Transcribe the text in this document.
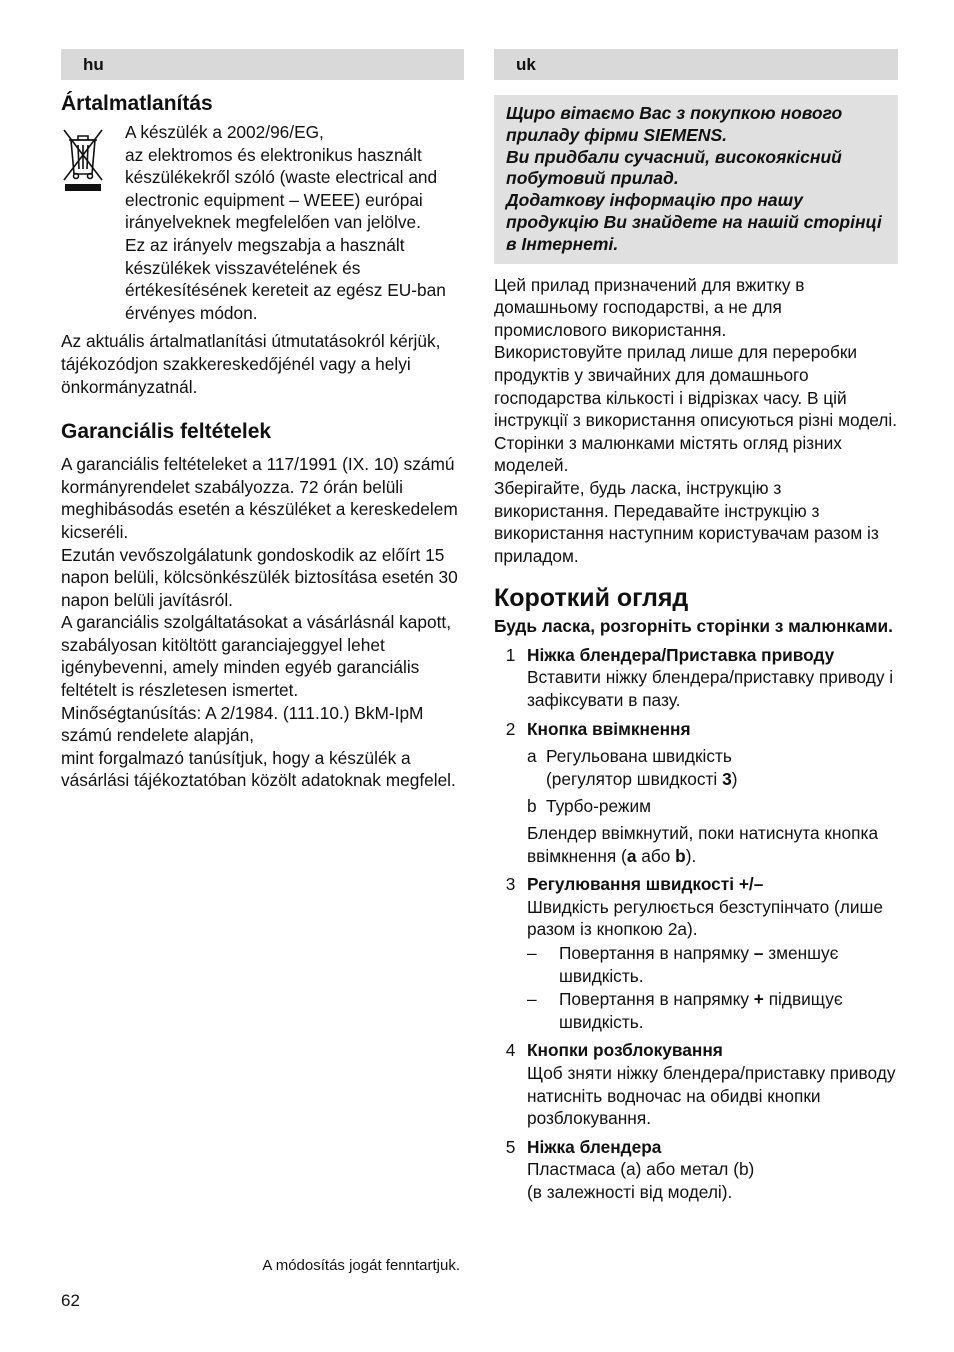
hu
Ártalmatlanítás

A készülék a 2002/96/EG,
az elektromos és elektronikus használt készülékekről szóló (waste electrical and electronic equipment – WEEE) európai irányelveknek megfelelően van jelölve.
Ez az irányelv megszabja a használt készülékek visszavételének és értékesítésének kereteit az egész EU-ban érvényes módon.

Az aktuális ártalmatlanítási útmutatásokról kérjük, tájékozódjon szakkereskedőjénél vagy a helyi önkormányzatnál.

Garanciális feltételek

A garanciális feltételeket a 117/1991 (IX. 10) számú kormányrendelet szabályozza. 72 órán belüli meghibásodás esetén a készüléket a kereskedelem kicseréli.
Ezután vevőszolgálatunk gondoskodik az előírt 15 napon belüli, kölcsönkészülék biztosítása esetén 30 napon belüli javításról.
A garanciális szolgáltatásokat a vásárlásnál kapott, szabályosan kitöltött garanciajeggyel lehet igénybevenni, amely minden egyéb garanciális feltételt is részletesen ismertet.
Minőségtanúsítás: A 2/1984. (111.10.) BkM-IpM számú rendelete alapján,
mint forgalmazó tanúsítjuk, hogy a készülék a vásárlási tájékoztatóban közölt adatoknak megfelel.

A módosítás jogát fenntartjuk.
62
uk
Щиро вітаємо Вас з покупкою нового приладу фірми SIEMENS.
Ви придбали сучасний, високоякісний побутовий прилад.
Додаткову інформацію про нашу продукцію Ви знайдете на нашій сторінці в Інтернеті.

Цей прилад призначений для вжитку в домашньому господарстві, а не для промислового використання.
Використовуйте прилад лише для переробки продуктів у звичайних для домашнього господарства кількості і відрізках часу. В цій інструкції з використання описуються різні моделі.
Сторінки з малюнками містять огляд різних моделей.
Зберігайте, будь ласка, інструкцію з використання. Передавайте інструкцію з використання наступним користувачам разом із приладом.

Короткий огляд
Будь ласка, розгорніть сторінки з малюнками.
1 Ніжка блендера/Приставка приводу
Вставити ніжку блендера/приставку приводу і зафіксувати в пазу.
2 Кнопка ввімкнення
a Регульована швидкість
(регулятор швидкості 3)
b Турбо-режим
Блендер ввімкнутий, поки натиснута кнопка ввімкнення (a або b).
3 Регулювання швидкості +/–
Швидкість регулюється безступінчато (лише разом із кнопкою 2a).
–	Повертання в напрямку – зменшує швидкість.
–	Повертання в напрямку + підвищує швидкість.
4 Кнопки розблокування
Щоб зняти ніжку блендера/приставку приводу натисніть водночас на обидві кнопки розблокування.
5 Ніжка блендера
Пластмаса (a) або метал (b)
(в залежності від моделі).
